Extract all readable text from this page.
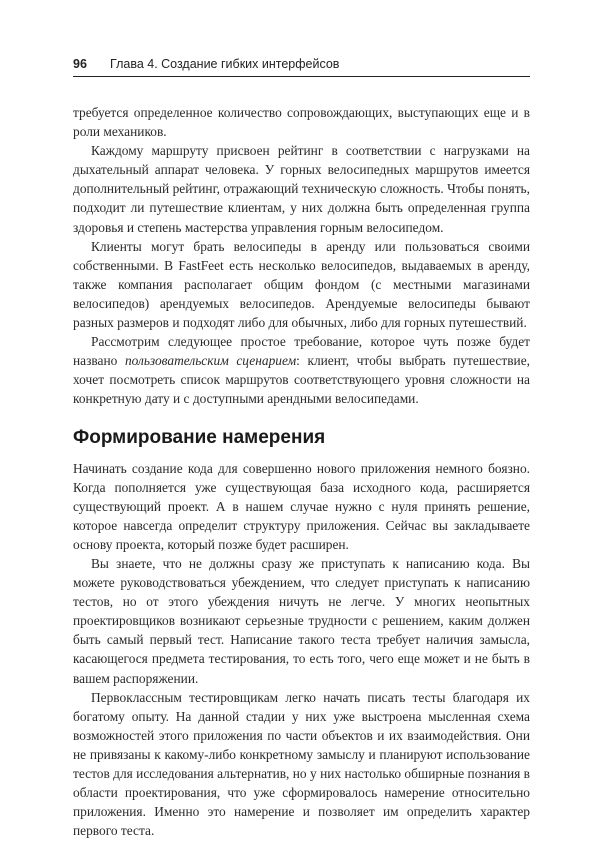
96 Глава 4. Создание гибких интерфейсов

требуется определенное количество сопровождающих, выступающих еще и в роли механиков.

Каждому маршруту присвоен рейтинг в соответствии с нагрузками на дыхательный аппарат человека. У горных велосипедных маршрутов имеется дополнительный рейтинг, отражающий техническую сложность. Чтобы понять, подходит ли путешествие клиентам, у них должна быть определенная группа здоровья и степень мастерства управления горным велосипедом.

Клиенты могут брать велосипеды в аренду или пользоваться своими собственными. В FastFeet есть несколько велосипедов, выдаваемых в аренду, также компания располагает общим фондом (с местными магазинами велосипедов) арендуемых велосипедов. Арендуемые велосипеды бывают разных размеров и подходят либо для обычных, либо для горных путешествий.

Рассмотрим следующее простое требование, которое чуть позже будет названо пользовательским сценарием: клиент, чтобы выбрать путешествие, хочет посмотреть список маршрутов соответствующего уровня сложности на конкретную дату и с доступными арендными велосипедами.

Формирование намерения

Начинать создание кода для совершенно нового приложения немного боязно. Когда пополняется уже существующая база исходного кода, расширяется существующий проект. А в нашем случае нужно с нуля принять решение, которое навсегда определит структуру приложения. Сейчас вы закладываете основу проекта, который позже будет расширен.

Вы знаете, что не должны сразу же приступать к написанию кода. Вы можете руководствоваться убеждением, что следует приступать к написанию тестов, но от этого убеждения ничуть не легче. У многих неопытных проектировщиков возникают серьезные трудности с решением, каким должен быть самый первый тест. Написание такого теста требует наличия замысла, касающегося предмета тестирования, то есть того, чего еще может и не быть в вашем распоряжении.

Первоклассным тестировщикам легко начать писать тесты благодаря их богатому опыту. На данной стадии у них уже выстроена мысленная схема возможностей этого приложения по части объектов и их взаимодействия. Они не привязаны к какому-либо конкретному замыслу и планируют использование тестов для исследования альтернатив, но у них настолько обширные познания в области проектирования, что уже сформировалось намерение относительно приложения. Именно это намерение и позволяет им определить характер первого теста.
